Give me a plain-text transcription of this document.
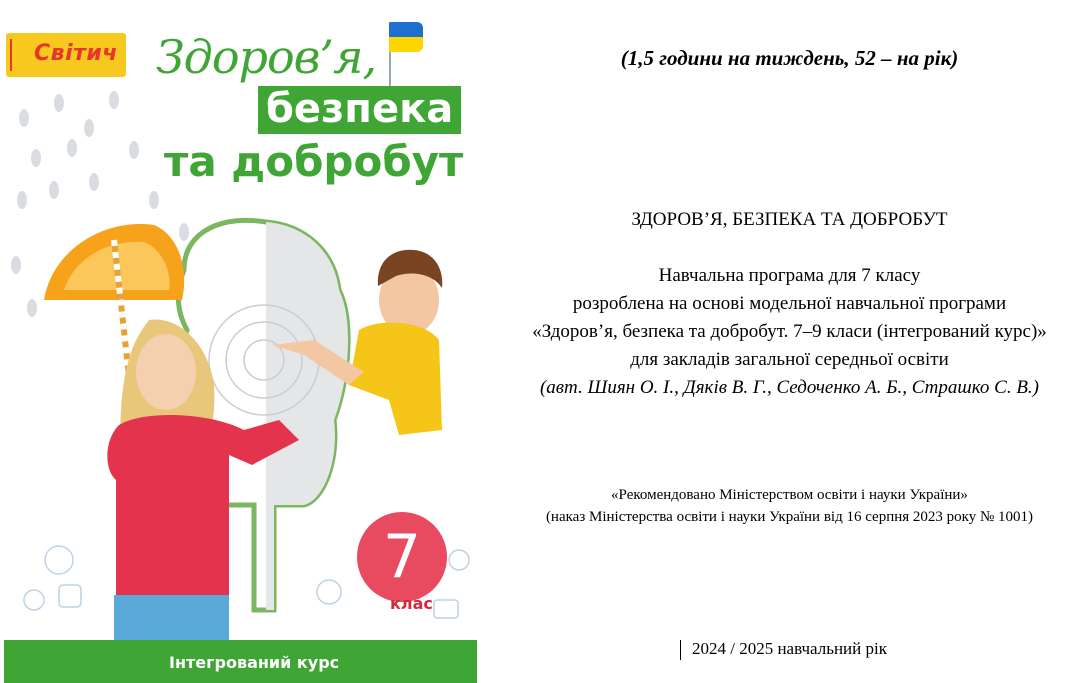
Світич Здоров’я,
безпека
та добробут
7
клас
Інтегрований курс
(1,5 години на тиждень, 52 – на рік)
ЗДОРОВ’Я, БЕЗПЕКА ТА ДОБРОБУТ
Навчальна програма для 7 класу
розроблена на основі модельної навчальної програми
«Здоров’я, безпека та добробут. 7–9 класи (інтегрований курс)»
для закладів загальної середньої освіти
(авт. Шиян О. І., Дяків В. Г., Седоченко А. Б., Страшко С. В.)
«Рекомендовано Міністерством освіти і науки України»
(наказ Міністерства освіти і науки України від 16 серпня 2023 року № 1001)
2024 / 2025 навчальний рік
